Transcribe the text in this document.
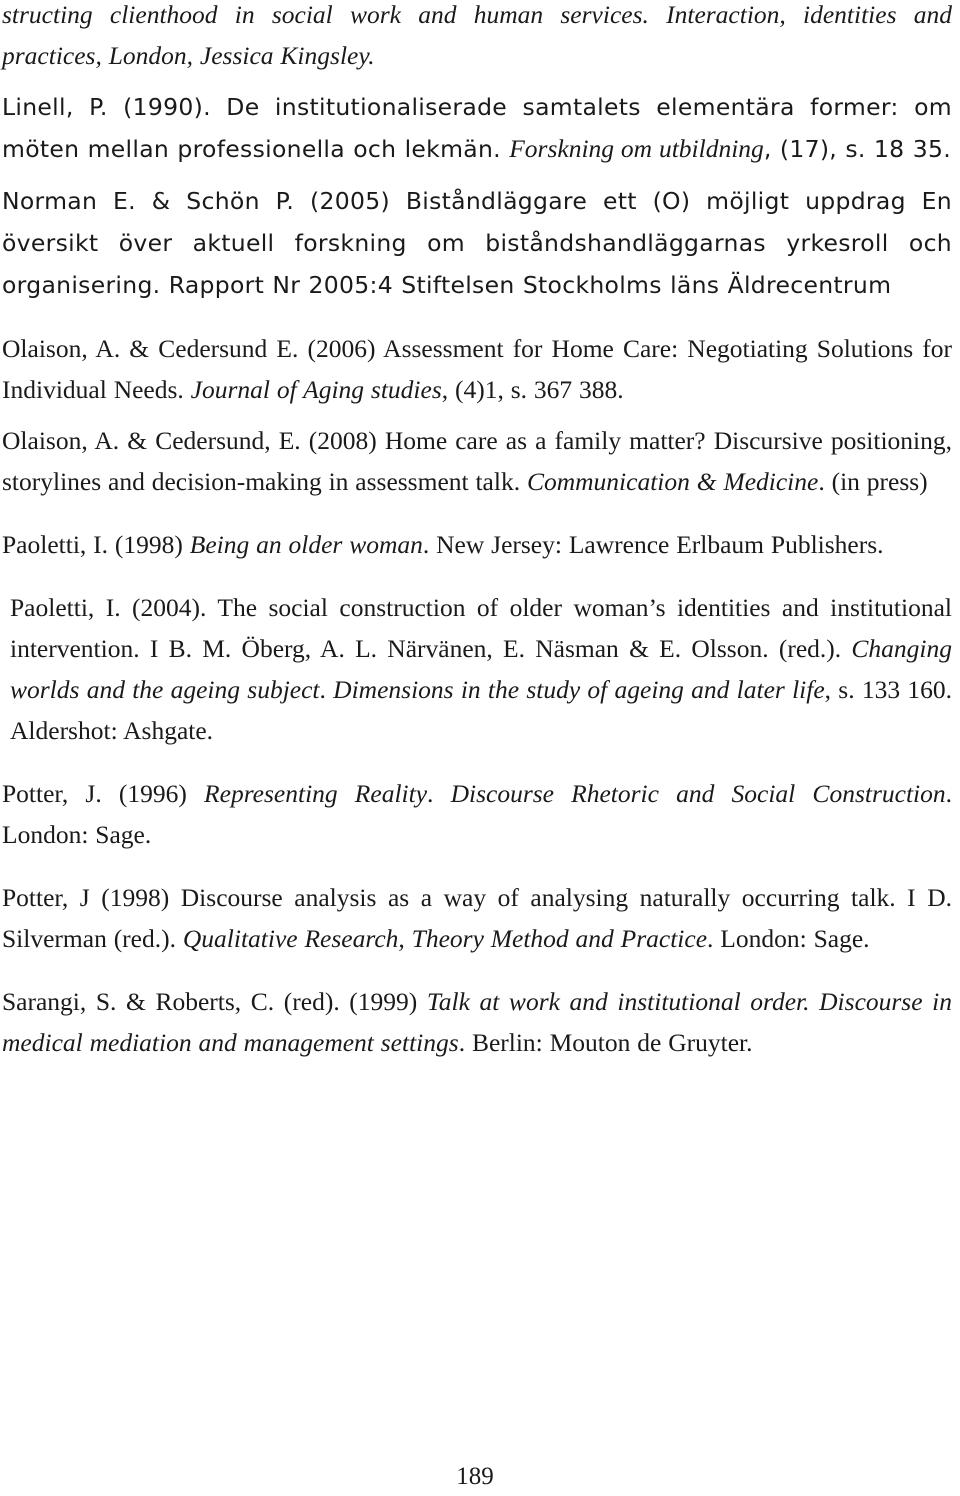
structing clienthood in social work and human services. Interaction, identities and practices, London, Jessica Kingsley.

Linell, P. (1990). De institutionaliserade samtalets elementära former: om möten mellan professionella och lekmän. Forskning om utbildning, (17), s. 18 35.

Norman E. & Schön P. (2005) Biståndläggare ett (O) möjligt uppdrag En översikt över aktuell forskning om biståndshandläggarnas yrkesroll och organisering. Rapport Nr 2005:4 Stiftelsen Stockholms läns Äldrecentrum

Olaison, A. & Cedersund E. (2006) Assessment for Home Care: Negotiating Solutions for Individual Needs. Journal of Aging studies, (4)1, s. 367 388.

Olaison, A. & Cedersund, E. (2008) Home care as a family matter? Discursive positioning, storylines and decision-making in assessment talk. Communication & Medicine. (in press)

Paoletti, I. (1998) Being an older woman. New Jersey: Lawrence Erlbaum Publishers.

Paoletti, I. (2004). The social construction of older woman’s identities and institutional intervention. I B. M. Öberg, A. L. Närvänen, E. Näsman & E. Olsson. (red.). Changing worlds and the ageing subject. Dimensions in the study of ageing and later life, s. 133 160. Aldershot: Ashgate.

Potter, J. (1996) Representing Reality. Discourse Rhetoric and Social Construction. London: Sage.

Potter, J (1998) Discourse analysis as a way of analysing naturally occurring talk. I D. Silverman (red.). Qualitative Research, Theory Method and Practice. London: Sage.

Sarangi, S. & Roberts, C. (red). (1999) Talk at work and institutional order. Discourse in medical mediation and management settings. Berlin: Mouton de Gruyter.

189
